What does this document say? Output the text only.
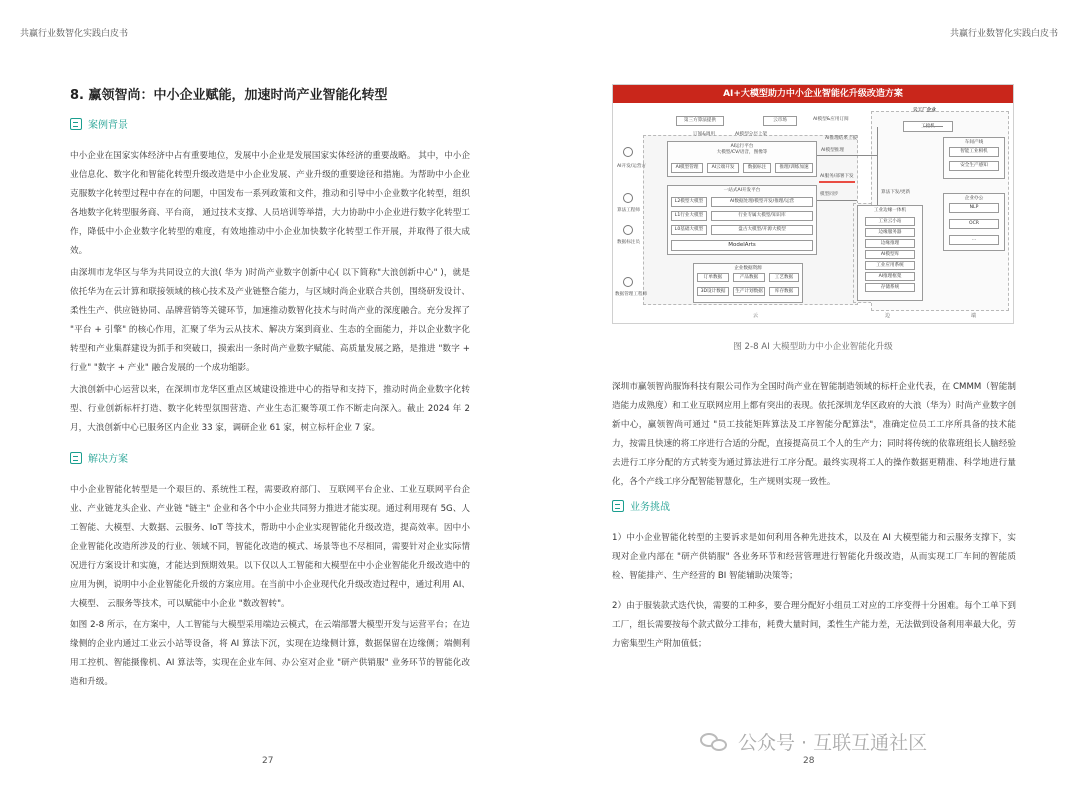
共赢行业数智化实践白皮书
8. 赢领智尚：中小企业赋能，加速时尚产业智能化转型
案例背景

中小企业在国家实体经济中占有重要地位，发展中小企业是发展国家实体经济的重要战略。 其中，中小企业信息化、数字化和智能化转型升级改造是中小企业发展、产业升级的重要途径和措施。为帮助中小企业克服数字化转型过程中存在的问题，中国发布一系列政策和文件，推动和引导中小企业数字化转型，组织各地数字化转型服务商、平台商， 通过技术支撑、人员培训等举措，大力协助中小企业进行数字化转型工作，降低中小企业数字化转型的难度，有效地推动中小企业加快数字化转型工作开展，并取得了很大成效。

由深圳市龙华区与华为共同设立的大浪( 华为 )时尚产业数字创新中心( 以下简称"大浪创新中心" )，就是依托华为在云计算和联接领域的核心技术及产业链整合能力，与区域时尚企业联合共创，围绕研发设计、柔性生产、供应链协同、品牌营销等关键环节，加速推动数智化技术与时尚产业的深度融合。充分发挥了 "平台 + 引擎" 的核心作用，汇聚了华为云从技术、解决方案到商业、生态的全面能力，并以企业数字化转型和产业集群建设为抓手和突破口，摸索出一条时尚产业数字赋能、高质量发展之路，是推进 "数字 + 行业" "数字 + 产业" 融合发展的一个成功缩影。

大浪创新中心运营以来，在深圳市龙华区重点区域建设推进中心的指导和支持下，推动时尚企业数字化转型、行业创新标杆打造、数字化转型氛围营造、产业生态汇聚等项工作不断走向深入。截止 2024 年 2 月，大浪创新中心已服务区内企业 33 家，调研企业 61 家，树立标杆企业 7 家。

解决方案

中小企业智能化转型是一个艰巨的、系统性工程，需要政府部门、 互联网平台企业、工业互联网平台企业、产业链龙头企业、产业链 "链主" 企业和各个中小企业共同努力推进才能实现。通过利用现有 5G、人工智能、大模型、大数据、云服务、IoT 等技术，帮助中小企业实现智能化升级改造，提高效率。因中小企业智能化改造所涉及的行业、领域不同，智能化改造的模式、场景等也不尽相同，需要针对企业实际情况进行方案设计和实施，才能达到预期效果。以下仅以人工智能和大模型在中小企业智能化升级改造中的应用为例，说明中小企业智能化升级的方案应用。在当前中小企业现代化升级改造过程中，通过利用 AI、大模型、 云服务等技术，可以赋能中小企业 "数改智转"。

如图 2-8 所示，在方案中，人工智能与大模型采用端边云模式，在云端部署大模型开发与运营平台；在边缘侧的企业内通过工业云小站等设备，将 AI 算法下沉，实现在边缘侧计算，数据保留在边缘侧；端侧利用工控机、智能摄像机、AI 算法等，实现在企业车间、办公室对企业 "研产供销服" 业务环节的智能化改造和升级。

27
共赢行业数智化实践白皮书
28
AI+大模型助力中小企业智能化升级改造方案
第三方算法提供	云市场
订阅&调用	AI模型分层上架
AI模型&应用订阅
AI运行平台
大模型/CV/语音，图像等
AI模型管理	AI云端开发	数据标注	推理/训练加速
一站式AI开发平台
L2模型大模型	AI数据处理/模型开发/推理/运营
L1行业大模型	行业专属大模型/知识库
L0基础大模型	盘古大模型/开源大模型
ModelArts
企业数据资源
订单数据	产品数据	工艺数据
3D设计数据	生产计划数据	库存数据
AI开发/运营方
算法工程师
数据标注员
数据管理工程师
工业边缘一体机
工业云小站
边缘服务器
边缘推理
AI模型库
工业应用系统
AI推理框架
存储系统
云工厂企业
车间产线
智能工业相机
安全生产感知
企业办公
NLP
OCR
...
AI模型推理
AI服务/部署下发
模型同步
AI推理结果上报
算法下发/更新
云	边	端
图 2-8 AI 大模型助力中小企业智能化升级

深圳市赢领智尚服饰科技有限公司作为全国时尚产业在智能制造领域的标杆企业代表，在 CMMM（智能制造能力成熟度）和工业互联网应用上都有突出的表现。依托深圳龙华区政府的大浪（华为）时尚产业数字创新中心，赢领智尚可通过 "员工技能矩阵算法及工序智能分配算法"，准确定位员工工序所具备的技术能力，按需且快速的将工序进行合适的分配，直接提高员工个人的生产力；同时将传统的依靠班组长人脑经验去进行工序分配的方式转变为通过算法进行工序分配。最终实现将工人的操作数据更精准、科学地进行量化，各个产线工序分配智能智慧化，生产规则实现一致性。

业务挑战

1）中小企业智能化转型的主要诉求是如何利用各种先进技术，以及在 AI 大模型能力和云服务支撑下，实现对企业内部在 "研产供销服" 各业务环节和经营管理进行智能化升级改造，从而实现工厂车间的智能质检、智能排产、生产经营的 BI 智能辅助决策等；

2）由于服装款式迭代快，需要的工种多，要合理分配好小组员工对应的工序变得十分困难。每个工单下到工厂，组长需要按每个款式做分工排布，耗费大量时间，柔性生产能力差，无法做到设备利用率最大化，劳力密集型生产附加值低；

公众号 · 互联互通社区
